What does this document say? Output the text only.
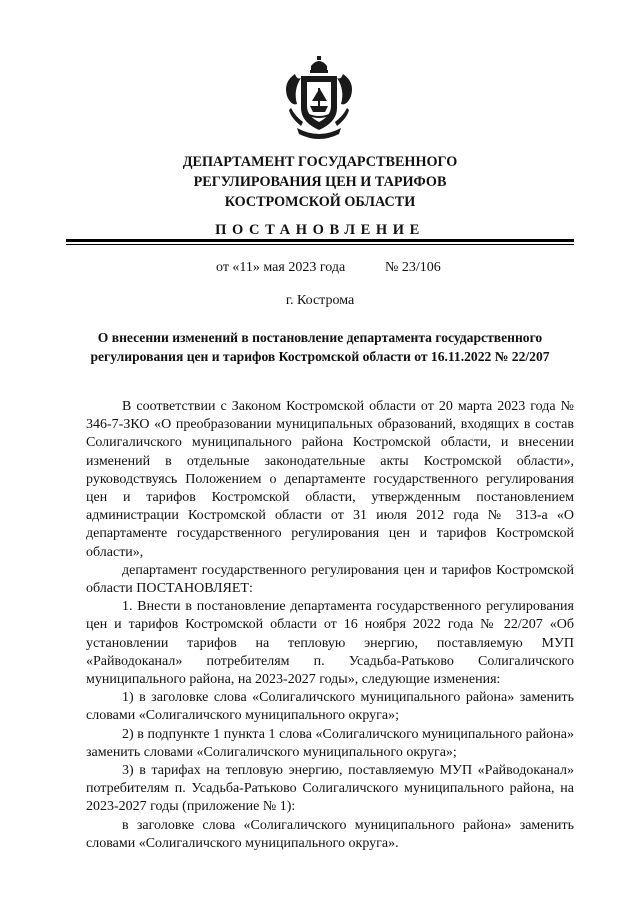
ДЕПАРТАМЕНТ ГОСУДАРСТВЕННОГО
РЕГУЛИРОВАНИЯ ЦЕН И ТАРИФОВ
КОСТРОМСКОЙ ОБЛАСТИ
ПОСТАНОВЛЕНИЕ
от «11» мая 2023 года	№ 23/106
г. Кострома
О внесении изменений в постановление департамента государственного
регулирования цен и тарифов Костромской области от 16.11.2022 № 22/207

В соответствии с Законом Костромской области от 20 марта 2023 года № 346-7-ЗКО «О преобразовании муниципальных образований, входящих в состав Солигаличского муниципального района Костромской области, и внесении изменений в отдельные законодательные акты Костромской области», руководствуясь Положением о департаменте государственного регулирования цен и тарифов Костромской области, утвержденным постановлением администрации Костромской области от 31 июля 2012 года № 313-а «О департаменте государственного регулирования цен и тарифов Костромской области»,

департамент государственного регулирования цен и тарифов Костромской области ПОСТАНОВЛЯЕТ:

1. Внести в постановление департамента государственного регулирования цен и тарифов Костромской области от 16 ноября 2022 года № 22/207 «Об установлении тарифов на тепловую энергию, поставляемую МУП «Райводоканал» потребителям п. Усадьба-Ратьково Солигаличского муниципального района, на 2023-2027 годы», следующие изменения:

1) в заголовке слова «Солигаличского муниципального района» заменить словами «Солигаличского муниципального округа»;

2) в подпункте 1 пункта 1 слова «Солигаличского муниципального района» заменить словами «Солигаличского муниципального округа»;

3) в тарифах на тепловую энергию, поставляемую МУП «Райводоканал» потребителям п. Усадьба-Ратьково Солигаличского муниципального района, на 2023-2027 годы (приложение № 1):

в заголовке слова «Солигаличского муниципального района» заменить словами «Солигаличского муниципального округа».
